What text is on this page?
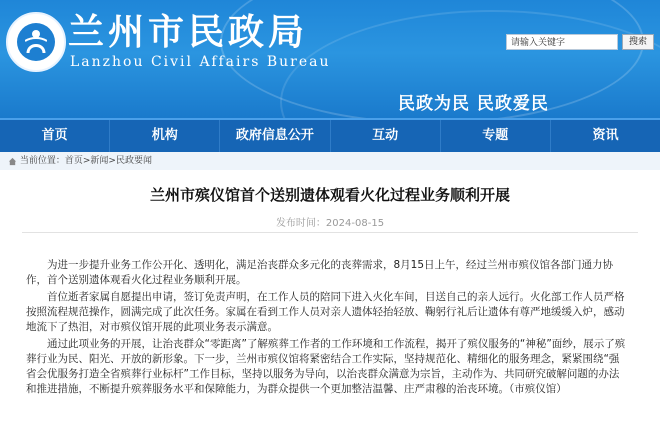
兰州市民政局
Lanzhou Civil Affairs Bureau
请输入关键字	搜索
民政为民 民政爱民
首页	机构	政府信息公开	互动	专题	资讯
当前位置：首页>新闻>民政要闻
兰州市殡仪馆首个送别遗体观看火化过程业务顺利开展
发布时间：2024-08-15

为进一步提升业务工作公开化、透明化，满足治丧群众多元化的丧葬需求，8月15日上午，经过兰州市殡仪馆各部门通力协作，首个送别遗体观看火化过程业务顺利开展。

首位逝者家属自愿提出申请，签订免责声明，在工作人员的陪同下进入火化车间，目送自己的亲人远行。火化部工作人员严格按照流程规范操作，圆满完成了此次任务。家属在看到工作人员对亲人遗体轻抬轻放、鞠躬行礼后让遗体有尊严地缓缓入炉，感动地流下了热泪，对市殡仪馆开展的此项业务表示满意。

通过此项业务的开展，让治丧群众“零距离”了解殡葬工作者的工作环境和工作流程，揭开了殡仪服务的“神秘”面纱，展示了殡葬行业为民、阳光、开放的新形象。下一步，兰州市殡仪馆将紧密结合工作实际，坚持规范化、精细化的服务理念，紧紧围绕“强省会优服务打造全省殡葬行业标杆”工作目标，坚持以服务为导向，以治丧群众满意为宗旨，主动作为、共同研究破解问题的办法和推进措施，不断提升殡葬服务水平和保障能力，为群众提供一个更加整洁温馨、庄严肃穆的治丧环境。（市殡仪馆）
